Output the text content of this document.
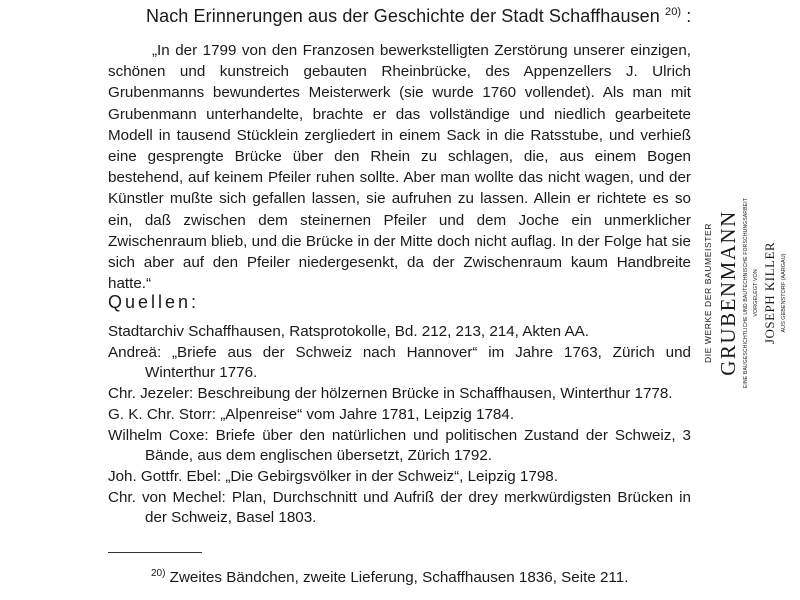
Nach Erinnerungen aus der Geschichte der Stadt Schaffhausen $^{20)}$ :

„In der 1799 von den Franzosen bewerkstelligten Zerstörung unserer einzigen, schönen und kunstreich gebauten Rheinbrücke, des Appenzellers J. Ulrich Grubenmanns bewundertes Meisterwerk (sie wurde 1760 vollendet). Als man mit Grubenmann unterhandelte, brachte er das vollständige und niedlich gearbeitete Modell in tausend Stücklein zergliedert in einem Sack in die Ratsstube, und verhieß eine gesprengte Brücke über den Rhein zu schlagen, die, aus einem Bogen bestehend, auf keinem Pfeiler ruhen sollte. Aber man wollte das nicht wagen, und der Künstler mußte sich gefallen lassen, sie aufruhen zu lassen. Allein er richtete es so ein, daß zwischen dem steinernen Pfeiler und dem Joche ein unmerklicher Zwischenraum blieb, und die Brücke in der Mitte doch nicht auflag. In der Folge hat sie sich aber auf den Pfeiler niedergesenkt, da der Zwischenraum kaum Handbreite hatte.“

Quellen:
Stadtarchiv Schaffhausen, Ratsprotokolle, Bd. 212, 213, 214, Akten AA.
Andreä: „Briefe aus der Schweiz nach Hannover“ im Jahre 1763, Zürich und Winterthur 1776.
Chr. Jezeler: Beschreibung der hölzernen Brücke in Schaffhausen, Winterthur 1778.
G. K. Chr. Storr: „Alpenreise“ vom Jahre 1781, Leipzig 1784.
Wilhelm Coxe: Briefe über den natürlichen und politischen Zustand der Schweiz, 3 Bände, aus dem englischen übersetzt, Zürich 1792.
Joh. Gottfr. Ebel: „Die Gebirgsvölker in der Schweiz“, Leipzig 1798.
Chr. von Mechel: Plan, Durchschnitt und Aufriß der drey merkwürdigsten Brücken in der Schweiz, Basel 1803.
$^{20)}$ Zweites Bändchen, zweite Lieferung, Schaffhausen 1836, Seite 211.
DIE WERKE DER BAUMEISTER GRUBENMANN EINE BAUGESCHICHTLICHE UND BAUTECHNISCHE FORSCHUNGSARBEIT VORGELEGT VON JOSEPH KILLER AUS GEBENSTORF (AARGAU)
